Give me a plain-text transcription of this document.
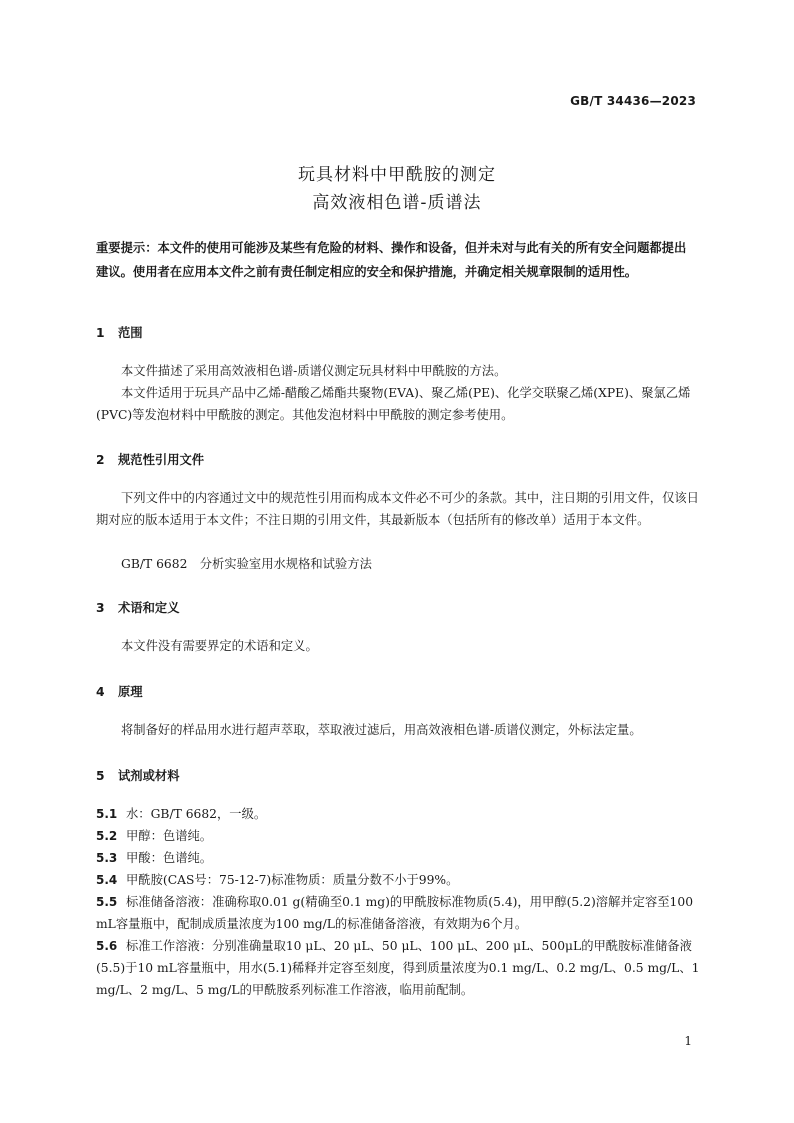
GB/T 34436—2023
玩具材料中甲酰胺的测定
高效液相色谱-质谱法
重要提示：本文件的使用可能涉及某些有危险的材料、操作和设备，但并未对与此有关的所有安全问题都提出建议。使用者在应用本文件之前有责任制定相应的安全和保护措施，并确定相关规章限制的适用性。
1 范围
本文件描述了采用高效液相色谱-质谱仪测定玩具材料中甲酰胺的方法。
本文件适用于玩具产品中乙烯-醋酸乙烯酯共聚物(EVA)、聚乙烯(PE)、化学交联聚乙烯(XPE)、聚氯乙烯(PVC)等发泡材料中甲酰胺的测定。其他发泡材料中甲酰胺的测定参考使用。
2 规范性引用文件
下列文件中的内容通过文中的规范性引用而构成本文件必不可少的条款。其中，注日期的引用文件，仅该日期对应的版本适用于本文件；不注日期的引用文件，其最新版本（包括所有的修改单）适用于本文件。
GB/T 6682　分析实验室用水规格和试验方法
3 术语和定义
本文件没有需要界定的术语和定义。
4 原理
将制备好的样品用水进行超声萃取，萃取液过滤后，用高效液相色谱-质谱仪测定，外标法定量。
5 试剂或材料
5.1 水：GB/T 6682，一级。
5.2 甲醇：色谱纯。
5.3 甲酸：色谱纯。
5.4 甲酰胺(CAS号：75-12-7)标准物质：质量分数不小于99%。
5.5 标准储备溶液：准确称取0.01 g(精确至0.1 mg)的甲酰胺标准物质(5.4)，用甲醇(5.2)溶解并定容至100 mL容量瓶中，配制成质量浓度为100 mg/L的标准储备溶液，有效期为6个月。
5.6 标准工作溶液：分别准确量取10 μL、20 μL、50 μL、100 μL、200 μL、500μL的甲酰胺标准储备液(5.5)于10 mL容量瓶中，用水(5.1)稀释并定容至刻度，得到质量浓度为0.1 mg/L、0.2 mg/L、0.5 mg/L、1 mg/L、2 mg/L、5 mg/L的甲酰胺系列标准工作溶液，临用前配制。
1
